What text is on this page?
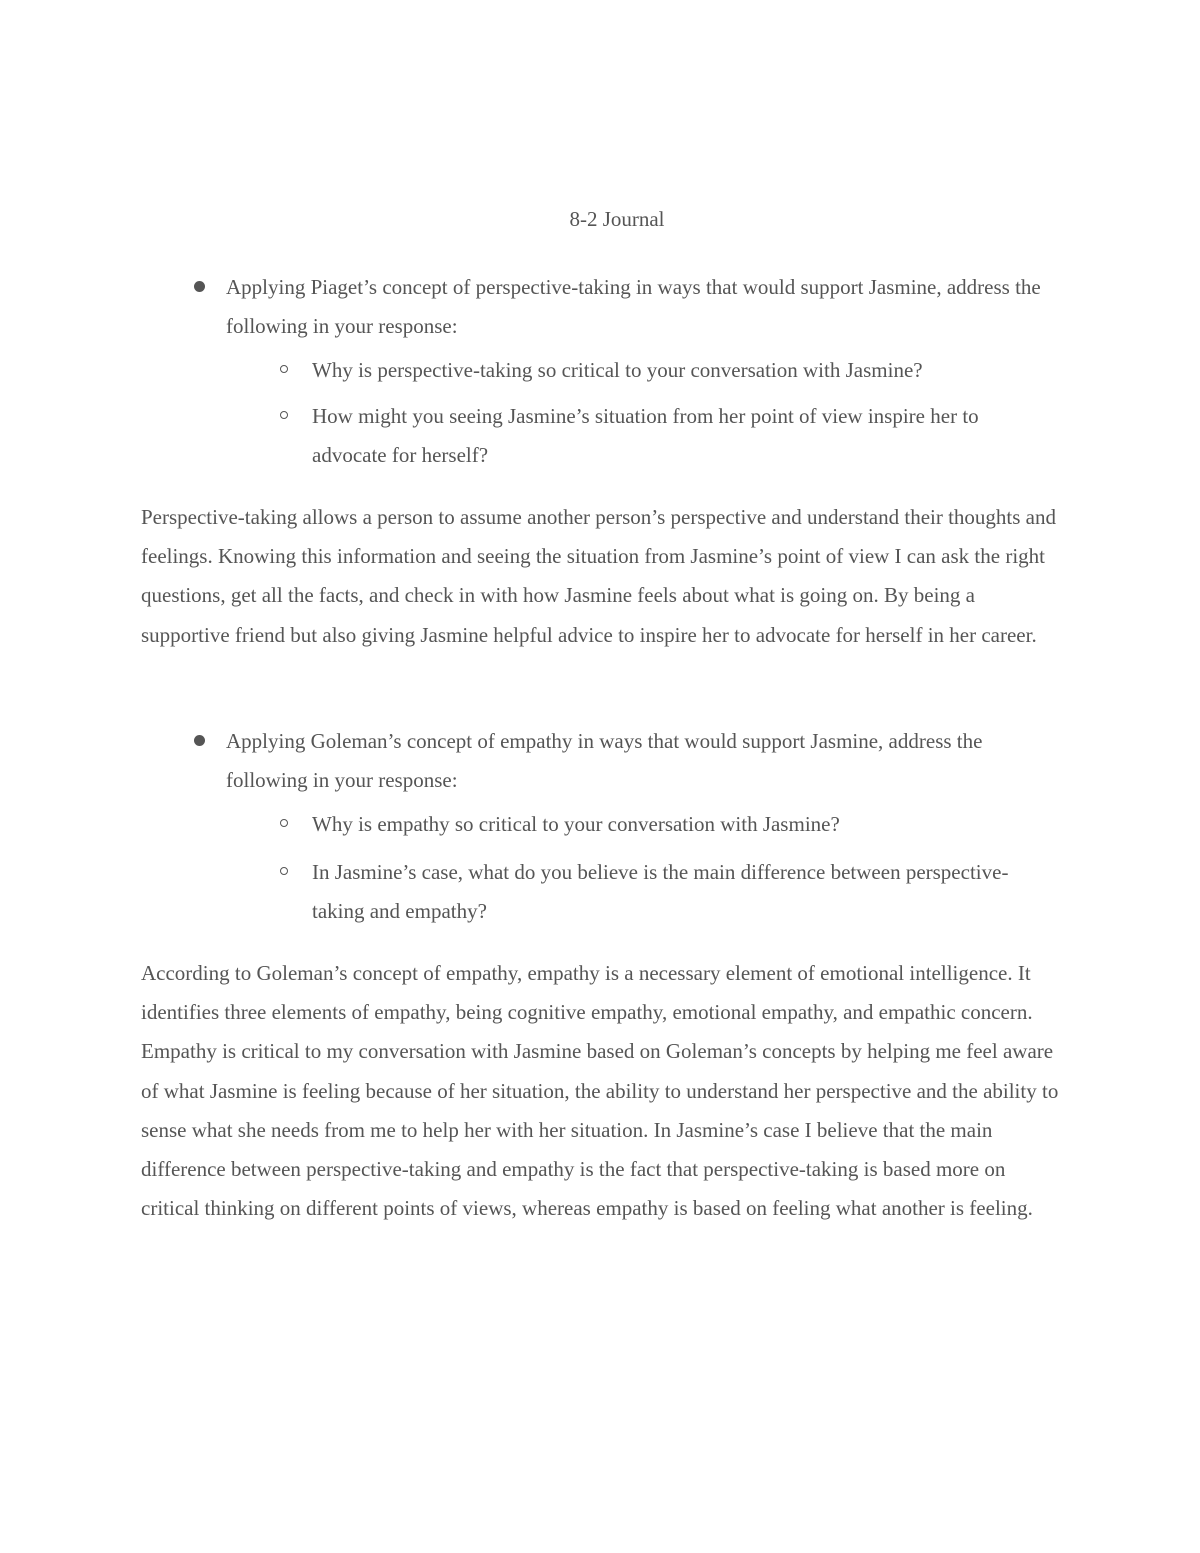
8-2 Journal
Applying Piaget’s concept of perspective-taking in ways that would support Jasmine, address the following in your response:
Why is perspective-taking so critical to your conversation with Jasmine?
How might you seeing Jasmine’s situation from her point of view inspire her to advocate for herself?

Perspective-taking allows a person to assume another person’s perspective and understand their thoughts and feelings. Knowing this information and seeing the situation from Jasmine’s point of view I can ask the right questions, get all the facts, and check in with how Jasmine feels about what is going on. By being a supportive friend but also giving Jasmine helpful advice to inspire her to advocate for herself in her career.

Applying Goleman’s concept of empathy in ways that would support Jasmine, address the following in your response:
Why is empathy so critical to your conversation with Jasmine?
In Jasmine’s case, what do you believe is the main difference between perspective-taking and empathy?

According to Goleman’s concept of empathy, empathy is a necessary element of emotional intelligence. It identifies three elements of empathy, being cognitive empathy, emotional empathy, and empathic concern. Empathy is critical to my conversation with Jasmine based on Goleman’s concepts by helping me feel aware of what Jasmine is feeling because of her situation, the ability to understand her perspective and the ability to sense what she needs from me to help her with her situation. In Jasmine’s case I believe that the main difference between perspective-taking and empathy is the fact that perspective-taking is based more on critical thinking on different points of views, whereas empathy is based on feeling what another is feeling.
